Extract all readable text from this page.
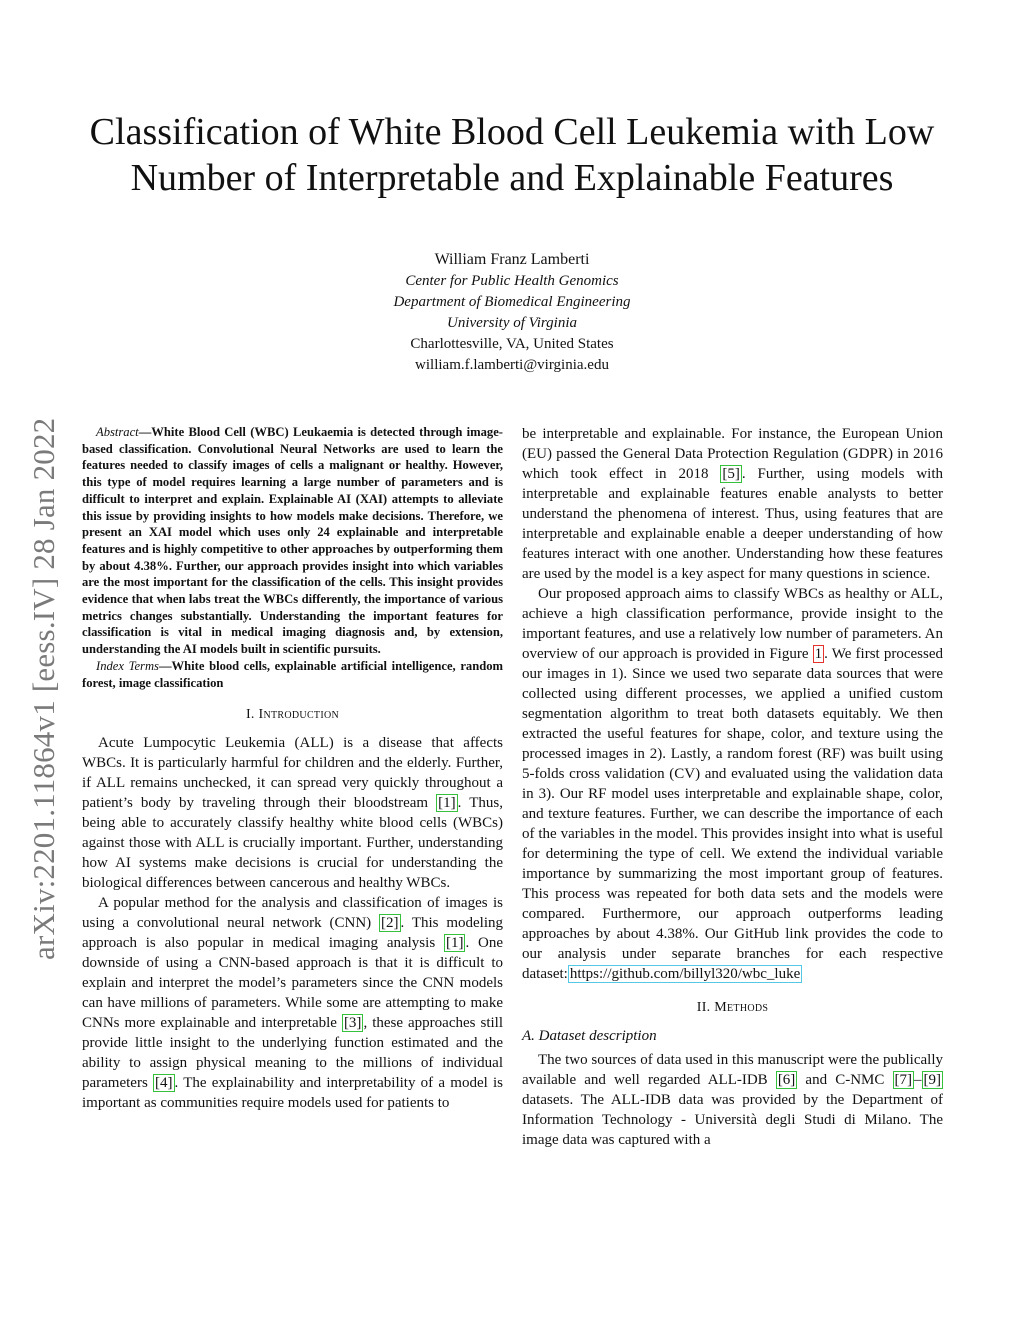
arXiv:2201.11864v1 [eess.IV] 28 Jan 2022
Classification of White Blood Cell Leukemia with Low Number of Interpretable and Explainable Features
William Franz Lamberti
Center for Public Health Genomics
Department of Biomedical Engineering
University of Virginia
Charlottesville, VA, United States
william.f.lamberti@virginia.edu

Abstract—White Blood Cell (WBC) Leukaemia is detected through image-based classification. Convolutional Neural Networks are used to learn the features needed to classify images of cells a malignant or healthy. However, this type of model requires learning a large number of parameters and is difficult to interpret and explain. Explainable AI (XAI) attempts to alleviate this issue by providing insights to how models make decisions. Therefore, we present an XAI model which uses only 24 explainable and interpretable features and is highly competitive to other approaches by outperforming them by about 4.38%. Further, our approach provides insight into which variables are the most important for the classification of the cells. This insight provides evidence that when labs treat the WBCs differently, the importance of various metrics changes substantially. Understanding the important features for classification is vital in medical imaging diagnosis and, by extension, understanding the AI models built in scientific pursuits.

Index Terms—White blood cells, explainable artificial intelligence, random forest, image classification

I. Introduction

Acute Lumpocytic Leukemia (ALL) is a disease that affects WBCs. It is particularly harmful for children and the elderly. Further, if ALL remains unchecked, it can spread very quickly throughout a patient’s body by traveling through their bloodstream [1] . Thus, being able to accurately classify healthy white blood cells (WBCs) against those with ALL is crucially important. Further, understanding how AI systems make decisions is crucial for understanding the biological differences between cancerous and healthy WBCs.

A popular method for the analysis and classification of images is using a convolutional neural network (CNN) [2] . This modeling approach is also popular in medical imaging analysis [1] . One downside of using a CNN-based approach is that it is difficult to explain and interpret the model’s parameters since the CNN models can have millions of parameters. While some are attempting to make CNNs more explainable and interpretable [3] , these approaches still provide little insight to the underlying function estimated and the ability to assign physical meaning to the millions of individual parameters [4] . The explainability and interpretability of a model is important as communities require models used for patients to

be interpretable and explainable. For instance, the European Union (EU) passed the General Data Protection Regulation (GDPR) in 2016 which took effect in 2018 [5] . Further, using models with interpretable and explainable features enable analysts to better understand the phenomena of interest. Thus, using features that are interpretable and explainable enable a deeper understanding of how features interact with one another. Understanding how these features are used by the model is a key aspect for many questions in science.

Our proposed approach aims to classify WBCs as healthy or ALL, achieve a high classification performance, provide insight to the important features, and use a relatively low number of parameters. An overview of our approach is provided in Figure 1 . We first processed our images in 1). Since we used two separate data sources that were collected using different processes, we applied a unified custom segmentation algorithm to treat both datasets equitably. We then extracted the useful features for shape, color, and texture using the processed images in 2). Lastly, a random forest (RF) was built using 5-folds cross validation (CV) and evaluated using the validation data in 3). Our RF model uses interpretable and explainable shape, color, and texture features. Further, we can describe the importance of each of the variables in the model. This provides insight into what is useful for determining the type of cell. We extend the individual variable importance by summarizing the most important group of features. This process was repeated for both data sets and the models were compared. Furthermore, our approach outperforms leading approaches by about 4.38%. Our GitHub link provides the code to our analysis under separate branches for each respective dataset: https://github.com/billyl320/wbc_luke

II. Methods
A. Dataset description

The two sources of data used in this manuscript were the publically available and well regarded ALL-IDB [6] and C-NMC [7] – [9] datasets. The ALL-IDB data was provided by the Department of Information Technology - Università degli Studi di Milano. The image data was captured with a
